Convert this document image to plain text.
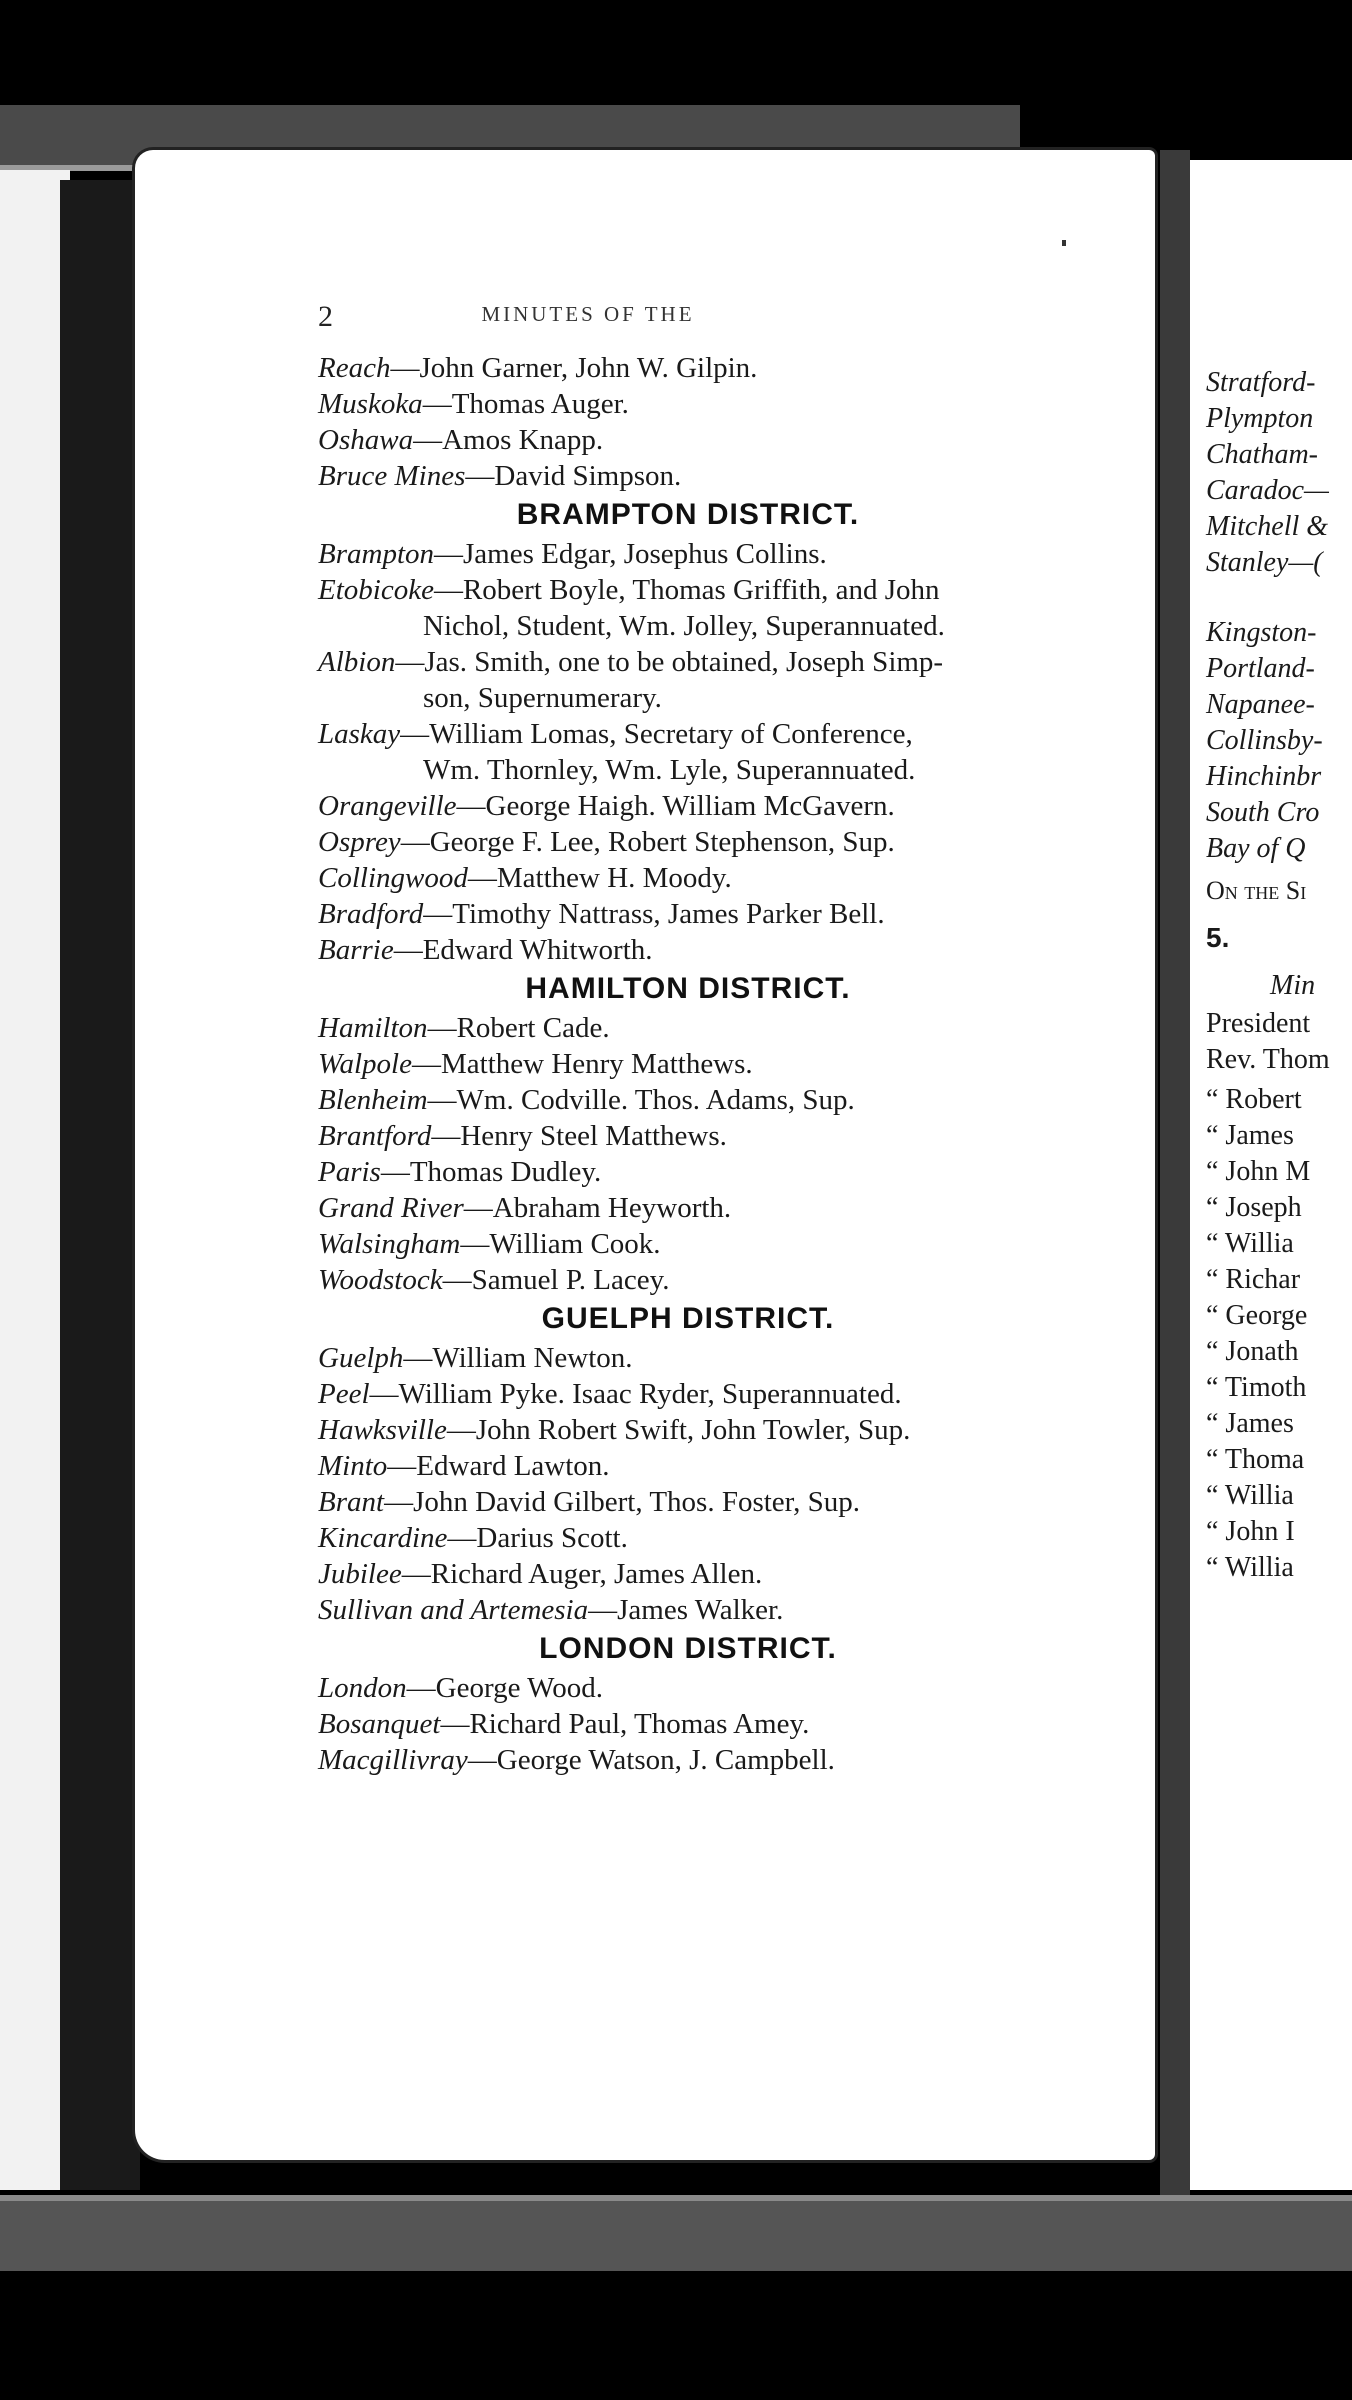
2	MINUTES OF THE
Reach—John Garner, John W. Gilpin.
Muskoka—Thomas Auger.
Oshawa—Amos Knapp.
Bruce Mines—David Simpson.
BRAMPTON DISTRICT.
Brampton—James Edgar, Josephus Collins.
Etobicoke—Robert Boyle, Thomas Griffith, and John
Nichol, Student, Wm. Jolley, Superannuated.
Albion—Jas. Smith, one to be obtained, Joseph Simp-
son, Supernumerary.
Laskay—William Lomas, Secretary of Conference,
Wm. Thornley, Wm. Lyle, Superannuated.
Orangeville—George Haigh. William McGavern.
Osprey—George F. Lee, Robert Stephenson, Sup.
Collingwood—Matthew H. Moody.
Bradford—Timothy Nattrass, James Parker Bell.
Barrie—Edward Whitworth.
HAMILTON DISTRICT.
Hamilton—Robert Cade.
Walpole—Matthew Henry Matthews.
Blenheim—Wm. Codville. Thos. Adams, Sup.
Brantford—Henry Steel Matthews.
Paris—Thomas Dudley.
Grand River—Abraham Heyworth.
Walsingham—William Cook.
Woodstock—Samuel P. Lacey.
GUELPH DISTRICT.
Guelph—William Newton.
Peel—William Pyke. Isaac Ryder, Superannuated.
Hawksville—John Robert Swift, John Towler, Sup.
Minto—Edward Lawton.
Brant—John David Gilbert, Thos. Foster, Sup.
Kincardine—Darius Scott.
Jubilee—Richard Auger, James Allen.
Sullivan and Artemesia—James Walker.
LONDON DISTRICT.
London—George Wood.
Bosanquet—Richard Paul, Thomas Amey.
Macgillivray—George Watson, J. Campbell.
Stratford-
Plympton
Chatham-
Caradoc—
Mitchell &
Stanley—(
Kingston-
Portland-
Napanee-
Collinsby-
Hinchinbr
South Cro
Bay of Q
On the Si
5.
Min
President
Rev. Thom
“ Robert
“ James
“ John M
“ Joseph
“ Willia
“ Richar
“ George
“ Jonath
“ Timoth
“ James
“ Thoma
“ Willia
“ John I
“ Willia
